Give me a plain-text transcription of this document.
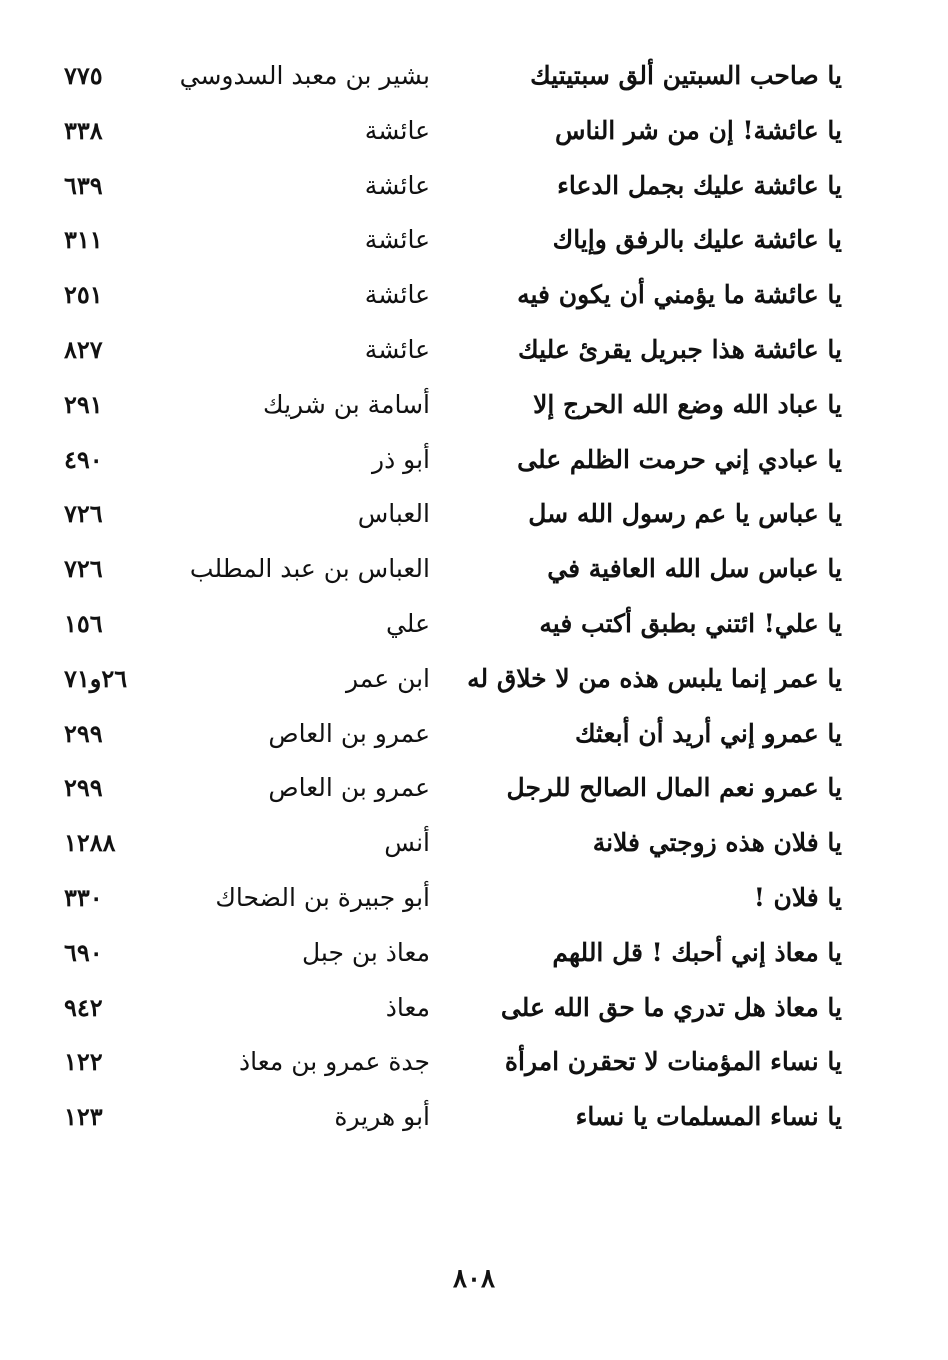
يا صاحب السبتين ألق سبتيتيك
بشير بن معبد السدوسي
٧٧٥
يا عائشة! إن من شر الناس
عائشة
٣٣٨
يا عائشة عليك بجمل الدعاء
عائشة
٦٣٩
يا عائشة عليك بالرفق وإياك
عائشة
٣١١
يا عائشة ما يؤمني أن يكون فيه
عائشة
٢٥١
يا عائشة هذا جبريل يقرئ عليك
عائشة
٨٢٧
يا عباد الله وضع الله الحرج إلا
أسامة بن شريك
٢٩١
يا عبادي إني حرمت الظلم على
أبو ذر
٤٩٠
يا عباس يا عم رسول الله سل
العباس
٧٢٦
يا عباس سل الله العافية في
العباس بن عبد المطلب
٧٢٦
يا علي! ائتني بطبق أكتب فيه
علي
١٥٦
يا عمر إنما يلبس هذه من لا خلاق له
ابن عمر
٢٦و٧١
يا عمرو إني أريد أن أبعثك
عمرو بن العاص
٢٩٩
يا عمرو نعم المال الصالح للرجل
عمرو بن العاص
٢٩٩
يا فلان هذه زوجتي فلانة
أنس
١٢٨٨
يا فلان !
أبو جبيرة بن الضحاك
٣٣٠
يا معاذ إني أحبك ! قل اللهم
معاذ بن جبل
٦٩٠
يا معاذ هل تدري ما حق الله على
معاذ
٩٤٢
يا نساء المؤمنات لا تحقرن امرأة
جدة عمرو بن معاذ
١٢٢
يا نساء المسلمات يا نساء
أبو هريرة
١٢٣
٨٠٨
